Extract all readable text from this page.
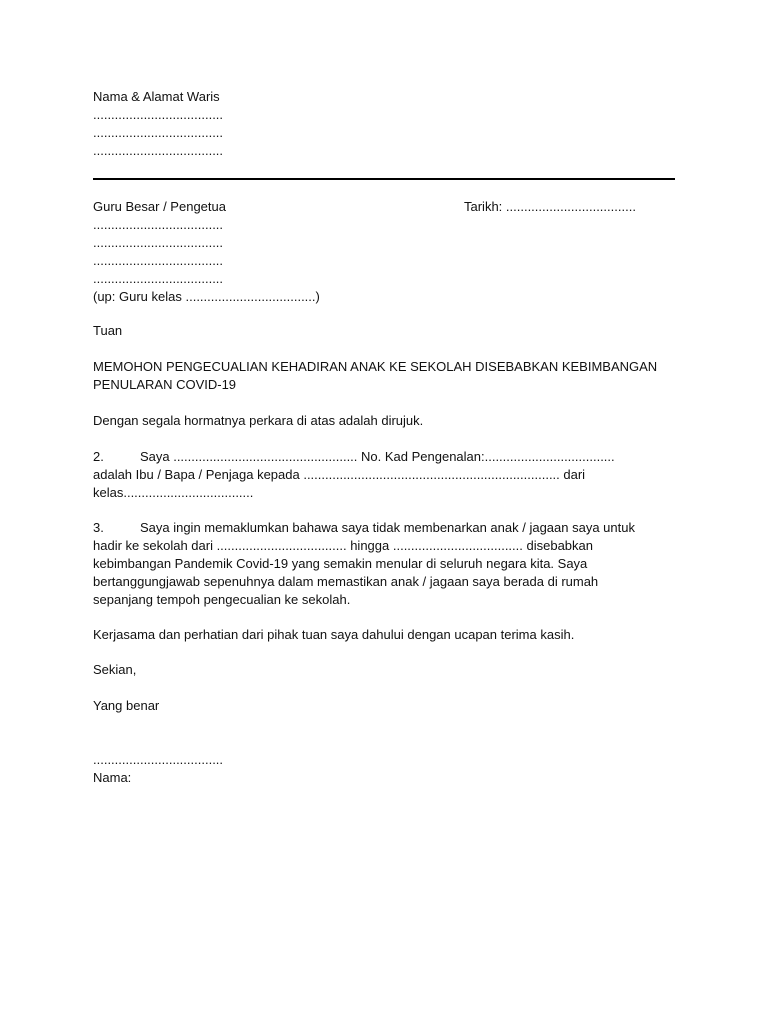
Nama & Alamat Waris
....................................
....................................
....................................
Guru Besar / Pengetua	Tarikh: ....................................
....................................
....................................
....................................
....................................
(up: Guru kelas ....................................)
Tuan
MEMOHON PENGECUALIAN KEHADIRAN ANAK KE SEKOLAH DISEBABKAN KEBIMBANGAN
PENULARAN COVID-19
Dengan segala hormatnya perkara di atas adalah dirujuk.
2.          Saya ................................................... No. Kad Pengenalan:....................................
adalah Ibu / Bapa / Penjaga kepada ....................................................................... dari
kelas....................................
3.          Saya ingin memaklumkan bahawa saya tidak membenarkan anak / jagaan saya untuk
hadir ke sekolah dari .................................... hingga .................................... disebabkan
kebimbangan Pandemik Covid-19 yang semakin menular di seluruh negara kita. Saya
bertanggungjawab sepenuhnya dalam memastikan anak / jagaan saya berada di rumah
sepanjang tempoh pengecualian ke sekolah.
Kerjasama dan perhatian dari pihak tuan saya dahului dengan ucapan terima kasih.
Sekian,
Yang benar
....................................
Nama:
